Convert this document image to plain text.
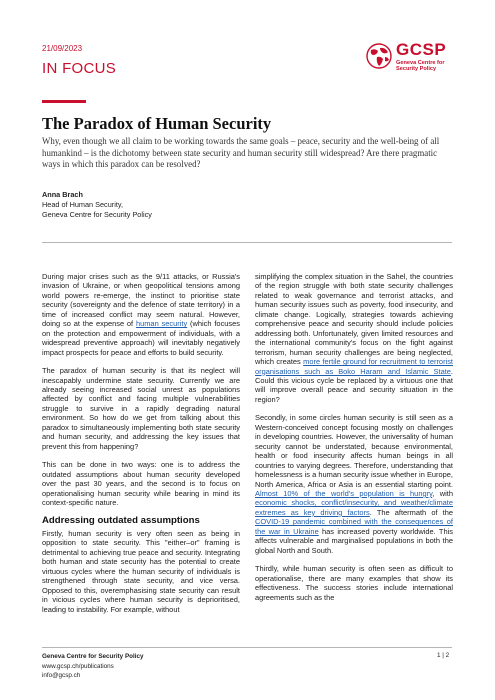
21/09/2023
IN FOCUS
GCSP
Geneva Centre for
Security Policy
The Paradox of Human Security

Why, even though we all claim to be working towards the same goals – peace, security and the well-being of all humankind – is the dichotomy between state security and human security still widespread? Are there pragmatic ways in which this paradox can be resolved?

Anna Brach
Head of Human Security,
Geneva Centre for Security Policy

During major crises such as the 9/11 attacks, or Russia's invasion of Ukraine, or when geopolitical tensions among world powers re-emerge, the instinct to prioritise state security (sovereignty and the defence of state territory) in a time of increased conflict may seem natural. However, doing so at the expense of human security (which focuses on the protection and empowerment of individuals, with a widespread preventive approach) will inevitably negatively impact prospects for peace and efforts to build security.

The paradox of human security is that its neglect will inescapably undermine state security. Currently we are already seeing increased social unrest as populations affected by conflict and facing multiple vulnerabilities struggle to survive in a rapidly degrading natural environment. So how do we get from talking about this paradox to simultaneously implementing both state security and human security, and addressing the key issues that prevent this from happening?

This can be done in two ways: one is to address the outdated assumptions about human security developed over the past 30 years, and the second is to focus on operationalising human security while bearing in mind its context-specific nature.

Addressing outdated assumptions

Firstly, human security is very often seen as being in opposition to state security. This "either–or" framing is detrimental to achieving true peace and security. Integrating both human and state security has the potential to create virtuous cycles where the human security of individuals is strengthened through state security, and vice versa. Opposed to this, overemphasising state security can result in vicious cycles where human security is deprioritised, leading to instability. For example, without

simplifying the complex situation in the Sahel, the countries of the region struggle with both state security challenges related to weak governance and terrorist attacks, and human security issues such as poverty, food insecurity, and climate change. Logically, strategies towards achieving comprehensive peace and security should include policies addressing both. Unfortunately, given limited resources and the international community's focus on the fight against terrorism, human security challenges are being neglected, which creates more fertile ground for recruitment to terrorist organisations such as Boko Haram and Islamic State. Could this vicious cycle be replaced by a virtuous one that will improve overall peace and security situation in the region?

Secondly, in some circles human security is still seen as a Western-conceived concept focusing mostly on challenges in developing countries. However, the universality of human security cannot be understated, because environmental, health or food insecurity affects human beings in all countries to varying degrees. Therefore, understanding that homelessness is a human security issue whether in Europe, North America, Africa or Asia is an essential starting point. Almost 10% of the world's population is hungry, with economic shocks, conflict/insecurity, and weather/climate extremes as key driving factors. The aftermath of the COVID-19 pandemic combined with the consequences of the war in Ukraine has increased poverty worldwide. This affects vulnerable and marginalised populations in both the global North and South.

Thirdly, while human security is often seen as difficult to operationalise, there are many examples that show its effectiveness. The success stories include international agreements such as the

Geneva Centre for Security Policy
www.gcsp.ch/publications
info@gcsp.ch
1 | 2
